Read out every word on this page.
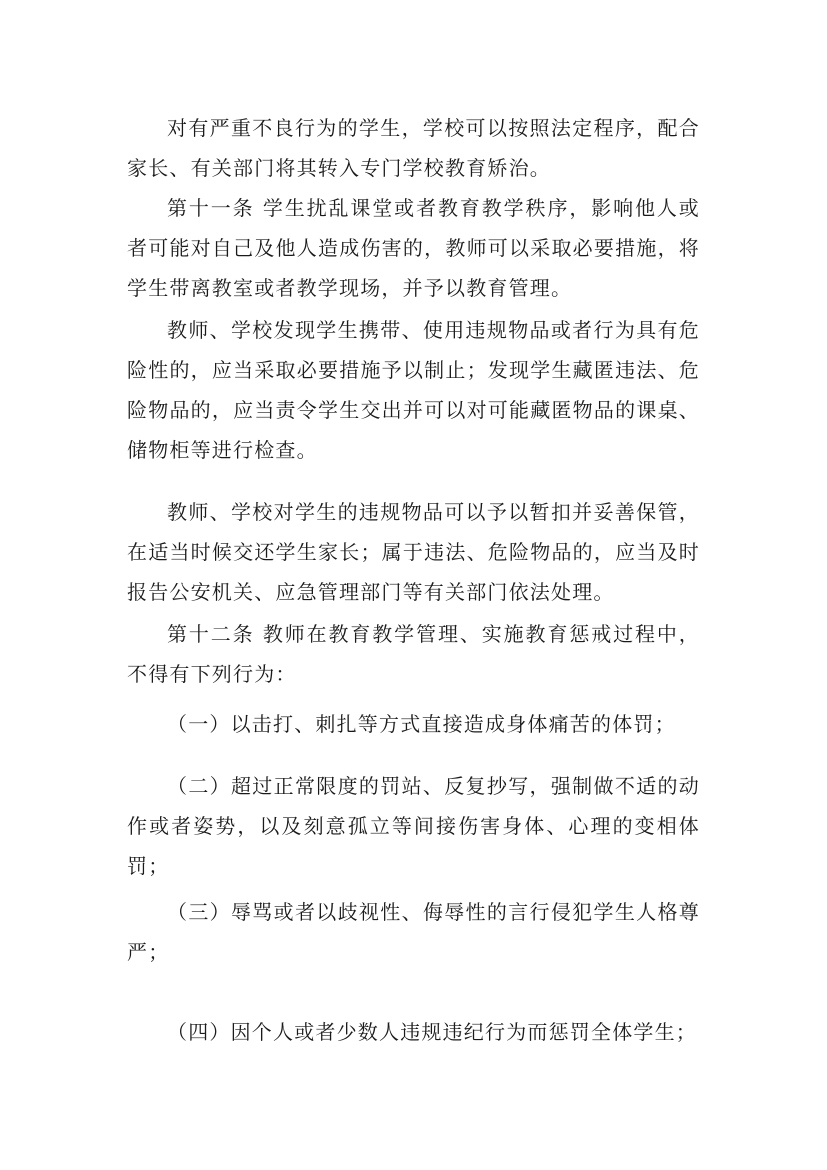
对有严重不良行为的学生，学校可以按照法定程序，配合家长、有关部门将其转入专门学校教育矫治。

第十一条 学生扰乱课堂或者教育教学秩序，影响他人或者可能对自己及他人造成伤害的，教师可以采取必要措施，将学生带离教室或者教学现场，并予以教育管理。

教师、学校发现学生携带、使用违规物品或者行为具有危险性的，应当采取必要措施予以制止；发现学生藏匿违法、危险物品的，应当责令学生交出并可以对可能藏匿物品的课桌、储物柜等进行检查。

教师、学校对学生的违规物品可以予以暂扣并妥善保管，在适当时候交还学生家长；属于违法、危险物品的，应当及时报告公安机关、应急管理部门等有关部门依法处理。

第十二条 教师在教育教学管理、实施教育惩戒过程中，不得有下列行为：

（一）以击打、刺扎等方式直接造成身体痛苦的体罚；

（二）超过正常限度的罚站、反复抄写，强制做不适的动作或者姿势，以及刻意孤立等间接伤害身体、心理的变相体罚；

（三）辱骂或者以歧视性、侮辱性的言行侵犯学生人格尊严；

（四）因个人或者少数人违规违纪行为而惩罚全体学生；
